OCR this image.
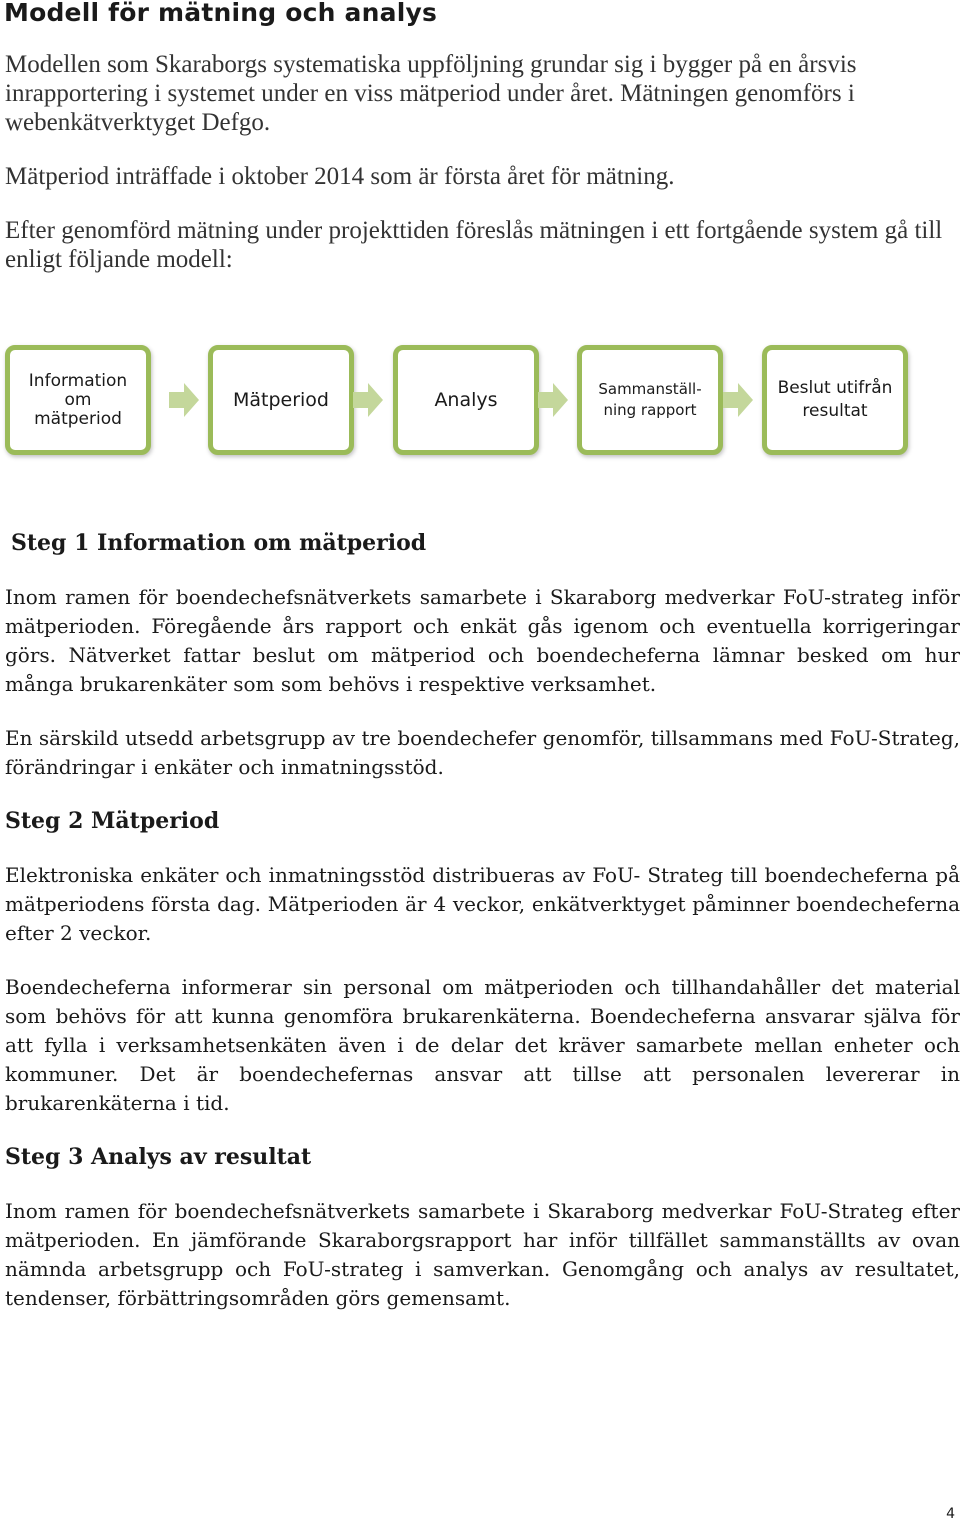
Modell för mätning och analys

Modellen som Skaraborgs systematiska uppföljning grundar sig i bygger på en årsvis inrapportering i systemet under en viss mätperiod under året. Mätningen genomförs i webenkätverktyget Defgo.

Mätperiod inträffade i oktober 2014 som är första året för mätning.

Efter genomförd mätning under projekttiden föreslås mätningen i ett fortgående system gå till enligt följande modell:

Information om mätperiod
Mätperiod	Analys	Sammanställ-ning rapport
Beslut utifrån resultat
Steg 1 Information om mätperiod

Inom ramen för boendechefsnätverkets samarbete i Skaraborg medverkar FoU-strateg inför mätperioden. Föregående års rapport och enkät gås igenom och eventuella korrigeringar görs. Nätverket fattar beslut om mätperiod och boendecheferna lämnar besked om hur många brukarenkäter som som behövs i respektive verksamhet.

En särskild utsedd arbetsgrupp av tre boendechefer genomför, tillsammans med FoU-Strateg, förändringar i enkäter och inmatningsstöd.

Steg 2 Mätperiod

Elektroniska enkäter och inmatningsstöd distribueras av FoU- Strateg till boendecheferna på mätperiodens första dag. Mätperioden är 4 veckor, enkätverktyget påminner boendecheferna efter 2 veckor.

Boendecheferna informerar sin personal om mätperioden och tillhandahåller det material som behövs för att kunna genomföra brukarenkäterna. Boendecheferna ansvarar själva för att fylla i verksamhetsenkäten även i de delar det kräver samarbete mellan enheter och kommuner. Det är boendechefernas ansvar att tillse att personalen levererar in brukarenkäterna i tid.

Steg 3 Analys av resultat

Inom ramen för boendechefsnätverkets samarbete i Skaraborg medverkar FoU-Strateg efter mätperioden. En jämförande Skaraborgsrapport har inför tillfället sammanställts av ovan nämnda arbetsgrupp och FoU-strateg i samverkan. Genomgång och analys av resultatet, tendenser, förbättringsområden görs gemensamt.

4
